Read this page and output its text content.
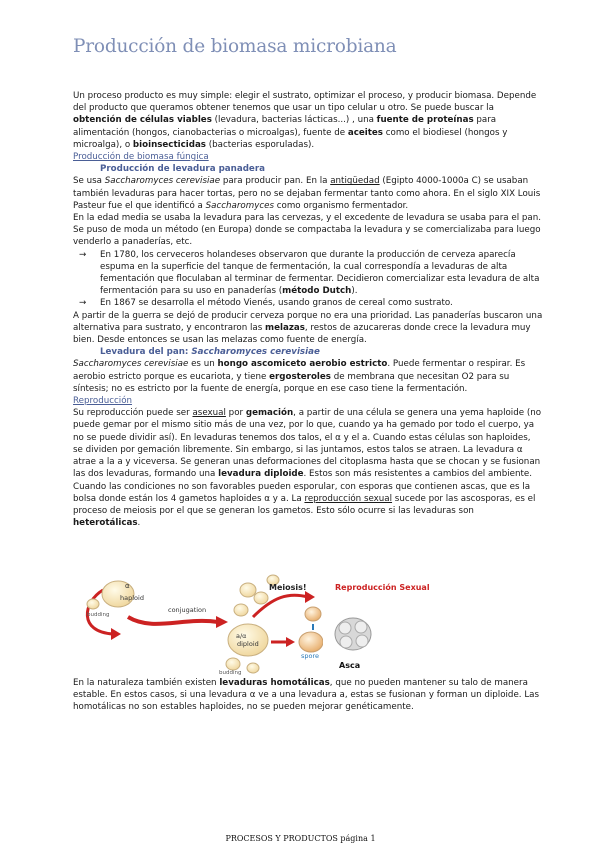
Producción de biomasa microbiana

Un proceso producto es muy simple: elegir el sustrato, optimizar el proceso, y producir biomasa. Depende del producto que queramos obtener tenemos que usar un tipo celular u otro. Se puede buscar la obtención de células viables (levadura, bacterias lácticas...) , una fuente de proteínas para alimentación (hongos, cianobacterias o microalgas), fuente de aceites como el biodiesel (hongos y microalga), o bioinsecticidas (bacterias esporuladas).

Producción de biomasa fúngica

Producción de levadura panadera

Se usa Saccharomyces cerevisiae para producir pan. En la antigüedad (Egipto 4000-1000a C) se usaban también levaduras para hacer tortas, pero no se dejaban fermentar tanto como ahora. En el siglo XIX Louis Pasteur fue el que identificó a Saccharomyces como organismo fermentador.

En la edad media se usaba la levadura para las cervezas, y el excedente de levadura se usaba para el pan. Se puso de moda un método (en Europa) donde se compactaba la levadura y se comercializaba para luego venderlo a panaderías, etc.

→ En 1780, los cerveceros holandeses observaron que durante la producción de cerveza aparecía espuma en la superficie del tanque de fermentación, la cual correspondía a levaduras de alta fementación que floculaban al terminar de fermentar. Decidieron comercializar esta levadura de alta fermentación para su uso en panaderías (método Dutch).
→ En 1867 se desarrolla el método Vienés, usando granos de cereal como sustrato.

A partir de la guerra se dejó de producir cerveza porque no era una prioridad. Las panaderías buscaron una alternativa para sustrato, y encontraron las melazas, restos de azucareras donde crece la levadura muy bien. Desde entonces se usan las melazas como fuente de energía.

Levadura del pan: Saccharomyces cerevisiae

Saccharomyces cerevisiae es un hongo ascomiceto aerobio estricto. Puede fermentar o respirar. Es aerobio estricto porque es eucariota, y tiene ergosteroles de membrana que necesitan O2 para su síntesis; no es estricto por la fuente de energía, porque en ese caso tiene la fermentación.

Reproducción

Su reproducción puede ser asexual por gemación, a partir de una célula se genera una yema haploide (no puede gemar por el mismo sitio más de una vez, por lo que, cuando ya ha gemado por todo el cuerpo, ya no se puede dividir así). En levaduras tenemos dos talos, el α y el a. Cuando estas células son haploides, se dividen por gemación libremente. Sin embargo, si las juntamos, estos talos se atraen. La levadura α atrae a la a y viceversa. Se generan unas deformaciones del citoplasma hasta que se chocan y se fusionan las dos levaduras, formando una levadura diploide. Estos son más resistentes a cambios del ambiente. Cuando las condiciones no son favorables pueden esporular, con esporas que contienen ascas, que es la bolsa donde están los 4 gametos haploides α y a. La reproducción sexual sucede por las ascosporas, es el proceso de meiosis por el que se generan los gametos. Esto sólo ocurre si las levaduras son heterotálicas.

α
haploid
budding
conjugation
Meiosis!
a/α
diploid
budding
spore
Reproducción Sexual
Asca
En la naturaleza también existen levaduras homotálicas, que no pueden mantener su talo de manera estable. En estos casos, si una levadura α ve a una levadura a, estas se fusionan y forman un diploide. Las homotálicas no son estables haploides, no se pueden mejorar genéticamente.
PROCESOS Y PRODUCTOS página 1
